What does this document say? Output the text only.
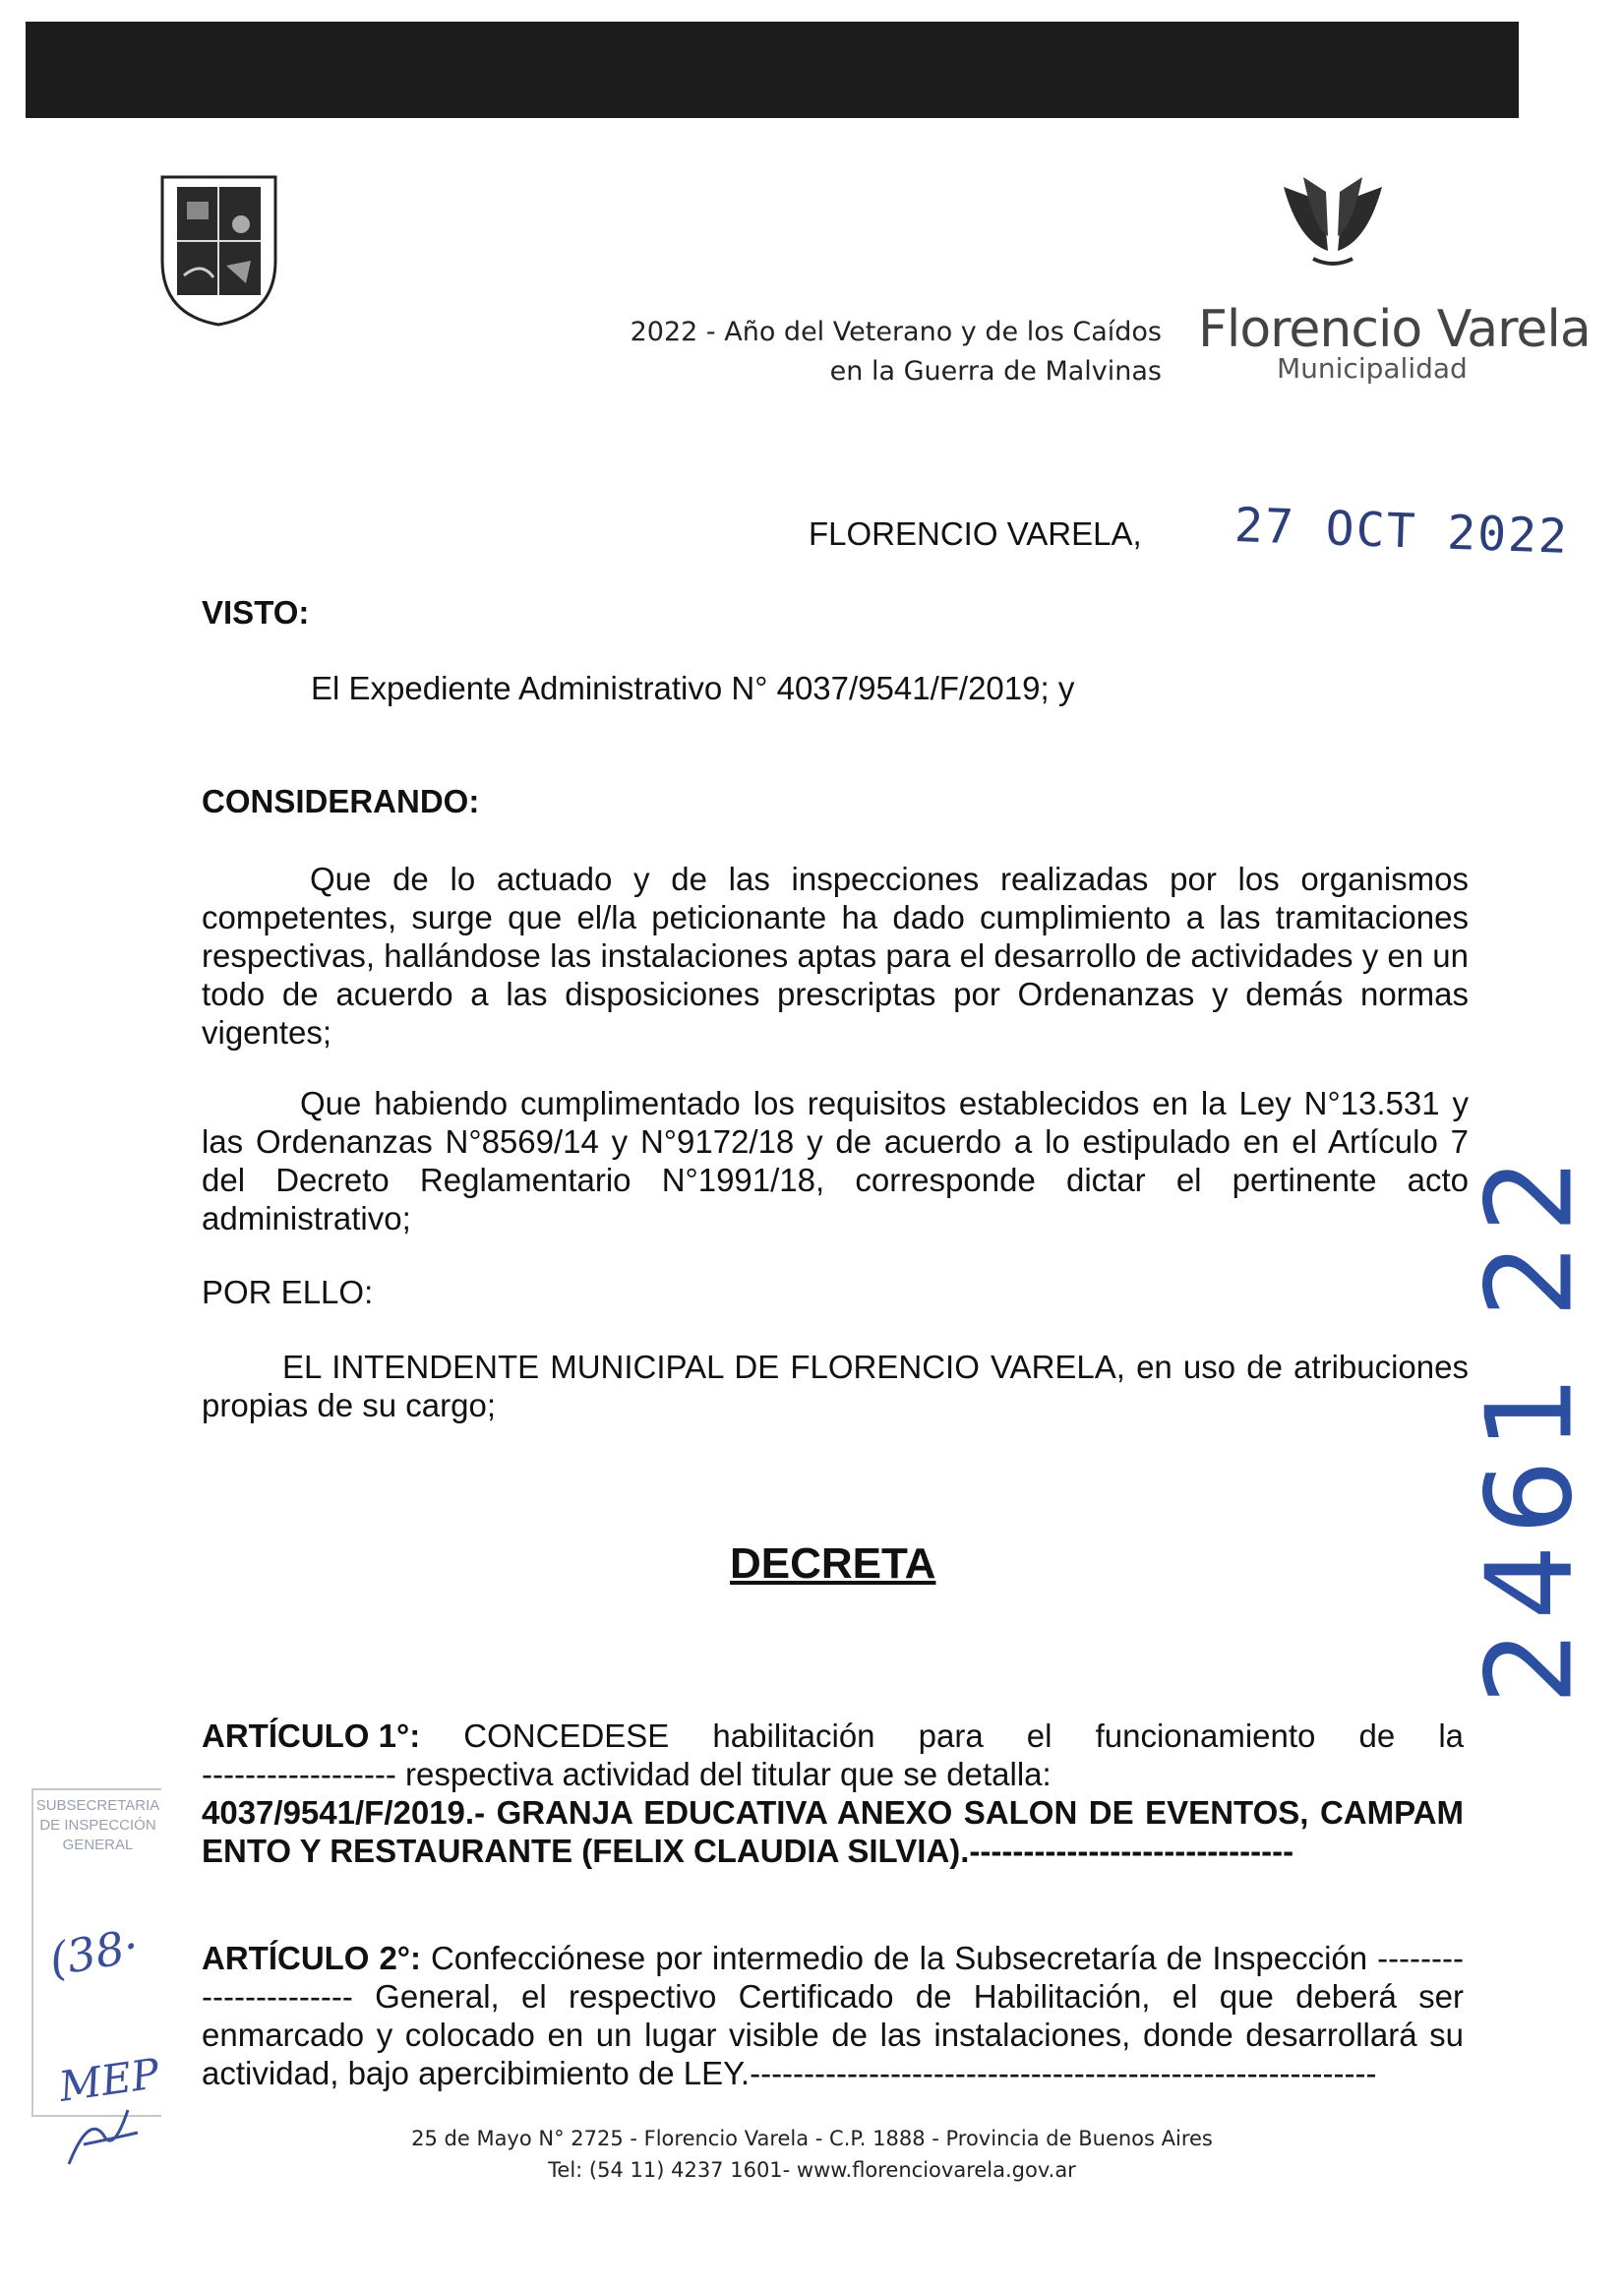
2022 - Año del Veterano y de los Caídos
en la Guerra de Malvinas
Florencio Varela
Municipalidad
FLORENCIO VARELA, 27 OCT 2022
VISTO:
El Expediente Administrativo N° 4037/9541/F/2019; y
CONSIDERANDO:

Que de lo actuado y de las inspecciones realizadas por los organismos competentes, surge que el/la peticionante ha dado cumplimiento a las tramitaciones respectivas, hallándose las instalaciones aptas para el desarrollo de actividades y en un todo de acuerdo a las disposiciones prescriptas por Ordenanzas y demás normas vigentes;

Que habiendo cumplimentado los requisitos establecidos en la Ley N°13.531 y las Ordenanzas N°8569/14 y N°9172/18 y de acuerdo a lo estipulado en el Artículo 7 del Decreto Reglamentario N°1991/18, corresponde dictar el pertinente acto administrativo;

POR ELLO:

EL INTENDENTE MUNICIPAL DE FLORENCIO VARELA, en uso de atribuciones propias de su cargo;

DECRETA
ARTÍCULO 1°: CONCEDESE habilitación para el funcionamiento de la
------------------ respectiva actividad del titular que se detalla:
4037/9541/F/2019.- GRANJA EDUCATIVA ANEXO SALON DE EVENTOS, CAMPAMENTO Y RESTAURANTE (FELIX CLAUDIA SILVIA).------------------------------
ARTÍCULO 2°: Confecciónese por intermedio de la Subsecretaría de Inspección ---------------------- General, el respectivo Certificado de Habilitación, el que deberá ser enmarcado y colocado en un lugar visible de las instalaciones, donde desarrollará su actividad, bajo apercibimiento de LEY.----------------------------------------------------------
2461 22
SUBSECRETARIA
DE INSPECCIÓN
GENERAL
(38·
MEP
25 de Mayo N° 2725 - Florencio Varela - C.P. 1888 - Provincia de Buenos Aires
Tel: (54 11) 4237 1601- www.florenciovarela.gov.ar
